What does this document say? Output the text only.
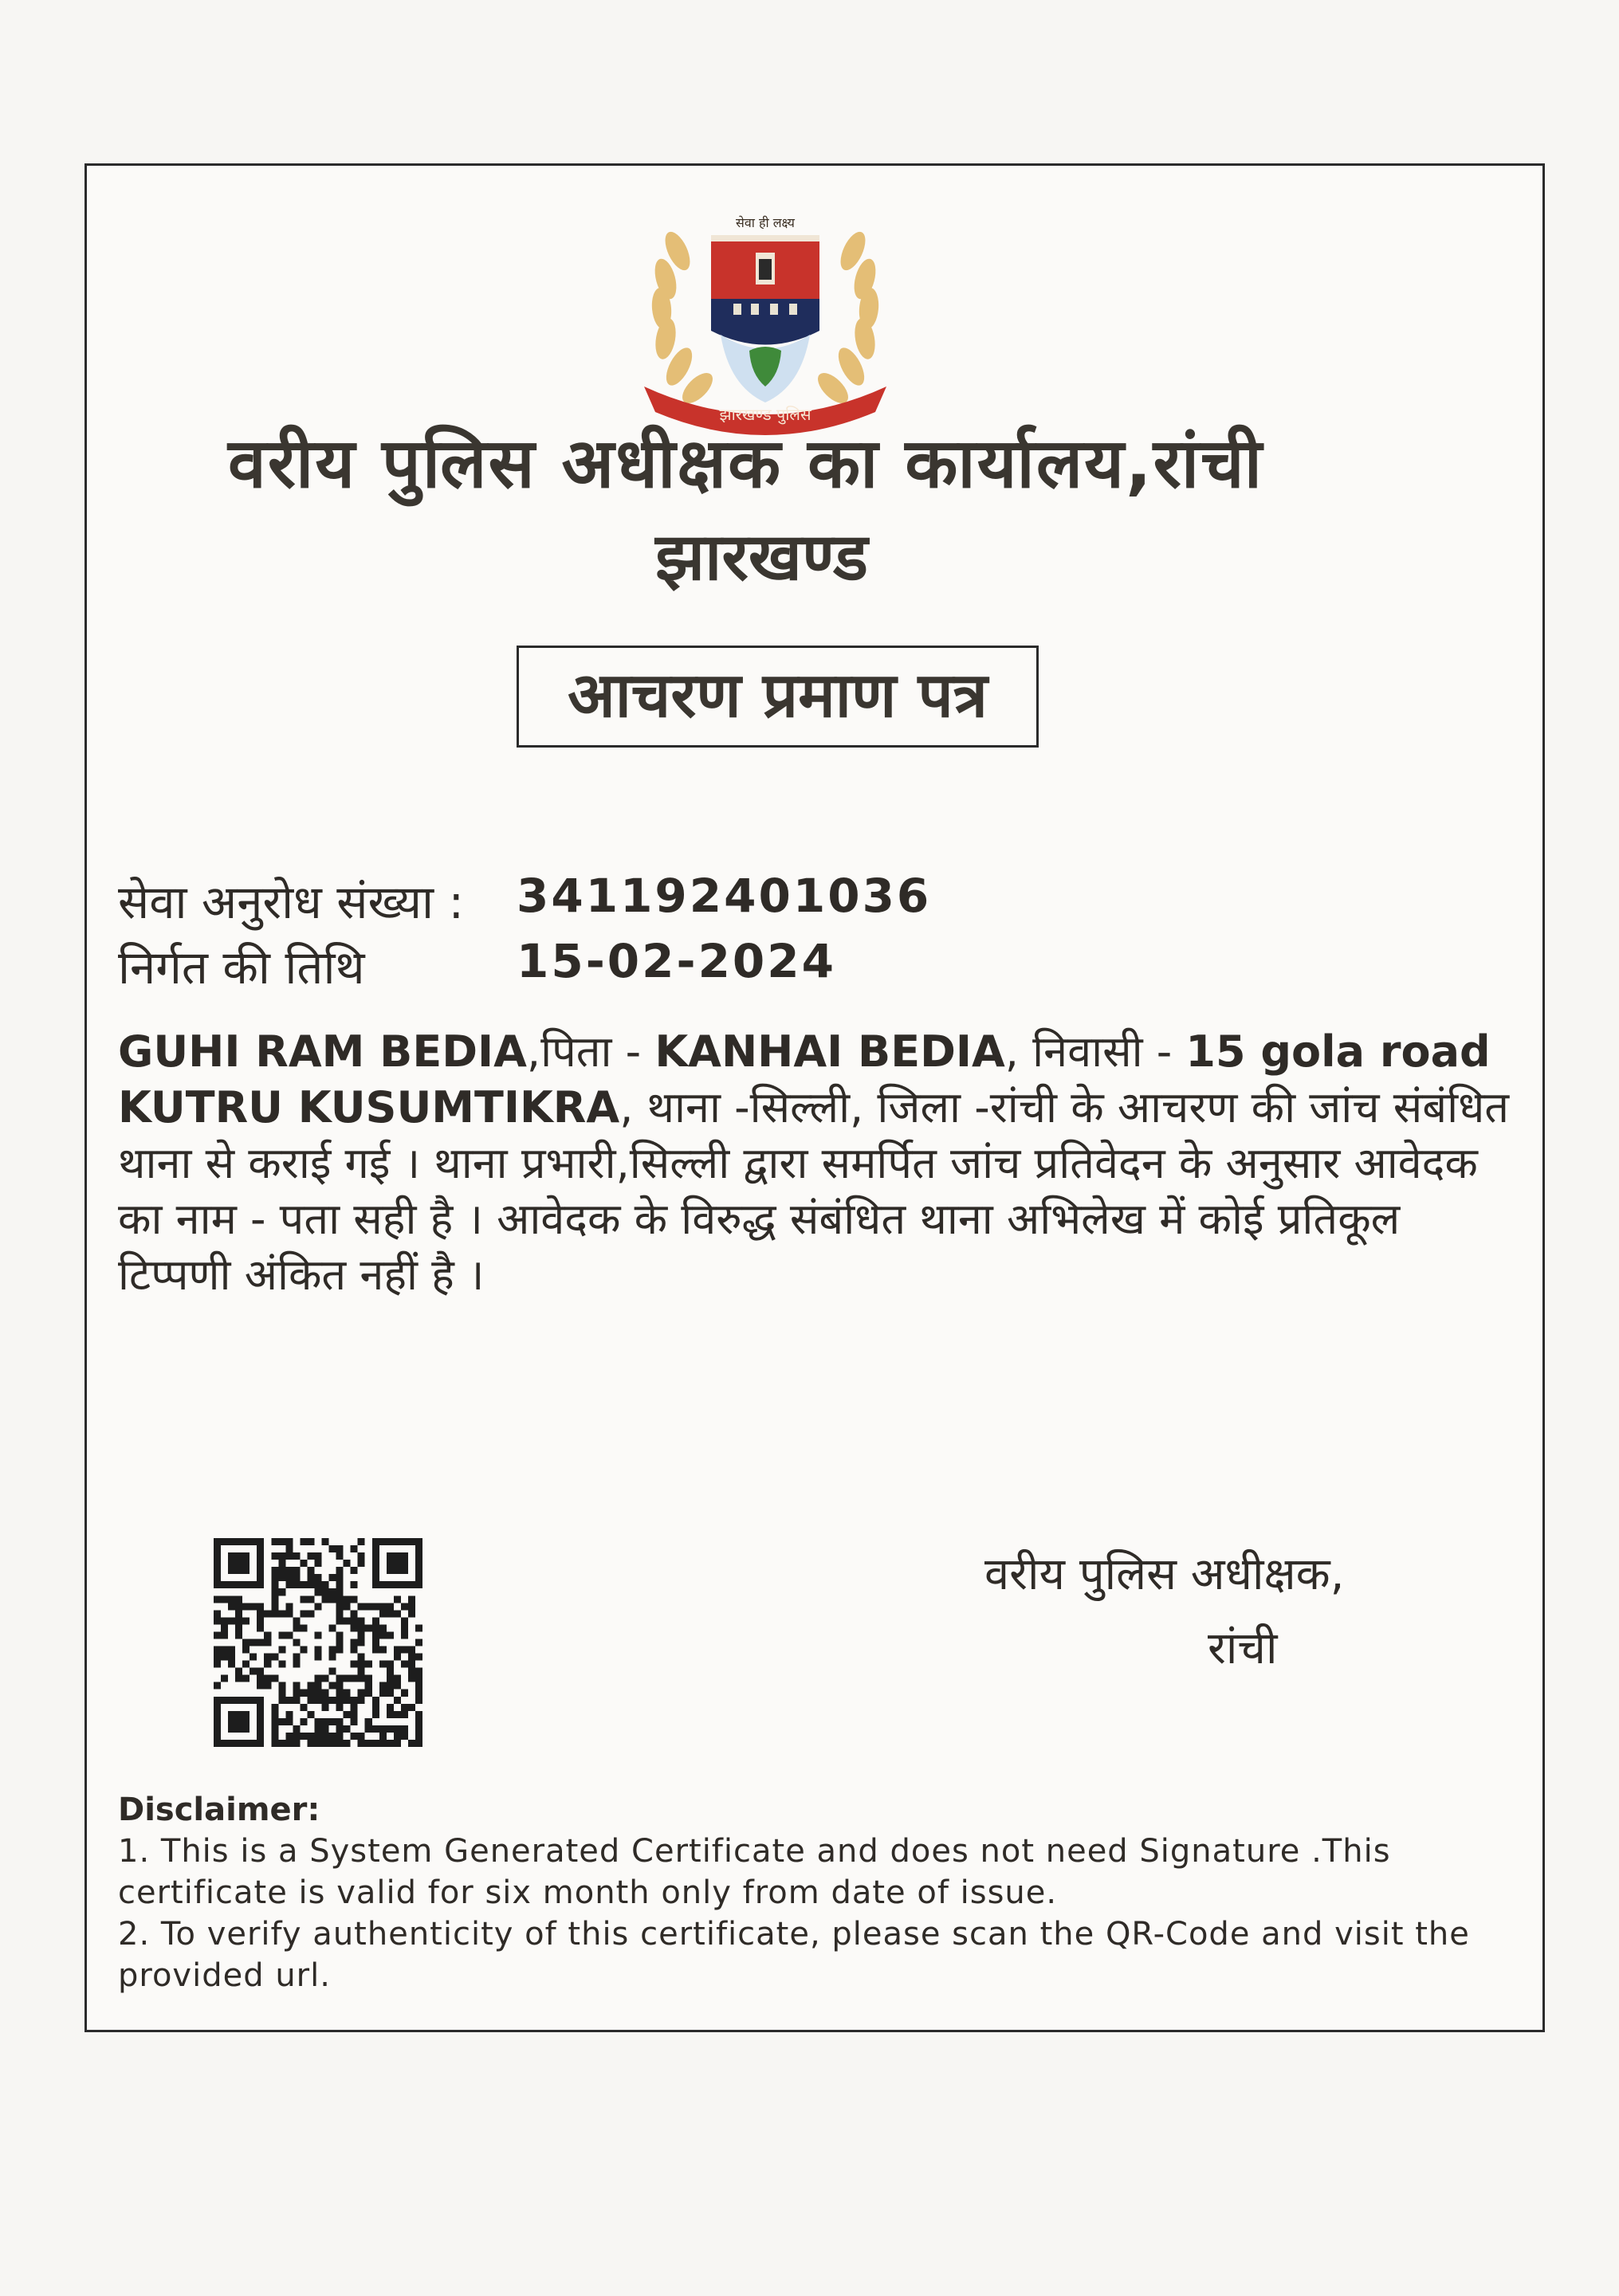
सेवा ही लक्ष्य
झारखण्ड पुलिस
वरीय पुलिस अधीक्षक का कार्यालय,रांची
झारखण्ड
आचरण प्रमाण पत्र
सेवा अनुरोध संख्या : 341192401036
निर्गत की तिथि	15-02-2024
GUHI RAM BEDIA,पिता - KANHAI BEDIA, निवासी - 15 gola road KUTRU KUSUMTIKRA, थाना -सिल्ली, जिला -रांची के आचरण की जांच संबंधित थाना से कराई गई । थाना प्रभारी,सिल्ली द्वारा समर्पित जांच प्रतिवेदन के अनुसार आवेदक का नाम - पता सही है । आवेदक के विरुद्ध संबंधित थाना अभिलेख में कोई प्रतिकूल टिप्पणी अंकित नहीं है ।
वरीय पुलिस अधीक्षक,
रांची
Disclaimer:
1. This is a System Generated Certificate and does not need Signature .This certificate is valid for six month only from date of issue.
2. To verify authenticity of this certificate, please scan the QR-Code and visit the provided url.
